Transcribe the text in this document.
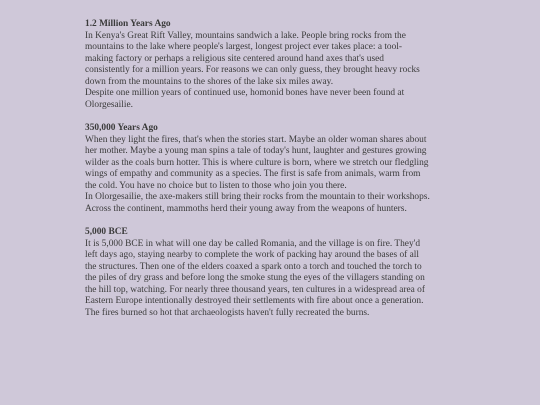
1.2 Million Years Ago

In Kenya's Great Rift Valley, mountains sandwich a lake. People bring rocks from the mountains to the lake where people's largest, longest project ever takes place: a tool-making factory or perhaps a religious site centered around hand axes that's used consistently for a million years. For reasons we can only guess, they brought heavy rocks down from the mountains to the shores of the lake six miles away.

Despite one million years of continued use, homonid bones have never been found at Olorgesailie.

350,000 Years Ago

When they light the fires, that's when the stories start. Maybe an older woman shares about her mother. Maybe a young man spins a tale of today's hunt, laughter and gestures growing wilder as the coals burn hotter. This is where culture is born, where we stretch our fledgling wings of empathy and community as a species. The first is safe from animals, warm from the cold. You have no choice but to listen to those who join you there.

In Olorgesailie, the axe-makers still bring their rocks from the mountain to their workshops.

Across the continent, mammoths herd their young away from the weapons of hunters.

5,000 BCE

It is 5,000 BCE in what will one day be called Romania, and the village is on fire. They'd left days ago, staying nearby to complete the work of packing hay around the bases of all the structures. Then one of the elders coaxed a spark onto a torch and touched the torch to the piles of dry grass and before long the smoke stung the eyes of the villagers standing on the hill top, watching. For nearly three thousand years, ten cultures in a widespread area of Eastern Europe intentionally destroyed their settlements with fire about once a generation. The fires burned so hot that archaeologists haven't fully recreated the burns.
